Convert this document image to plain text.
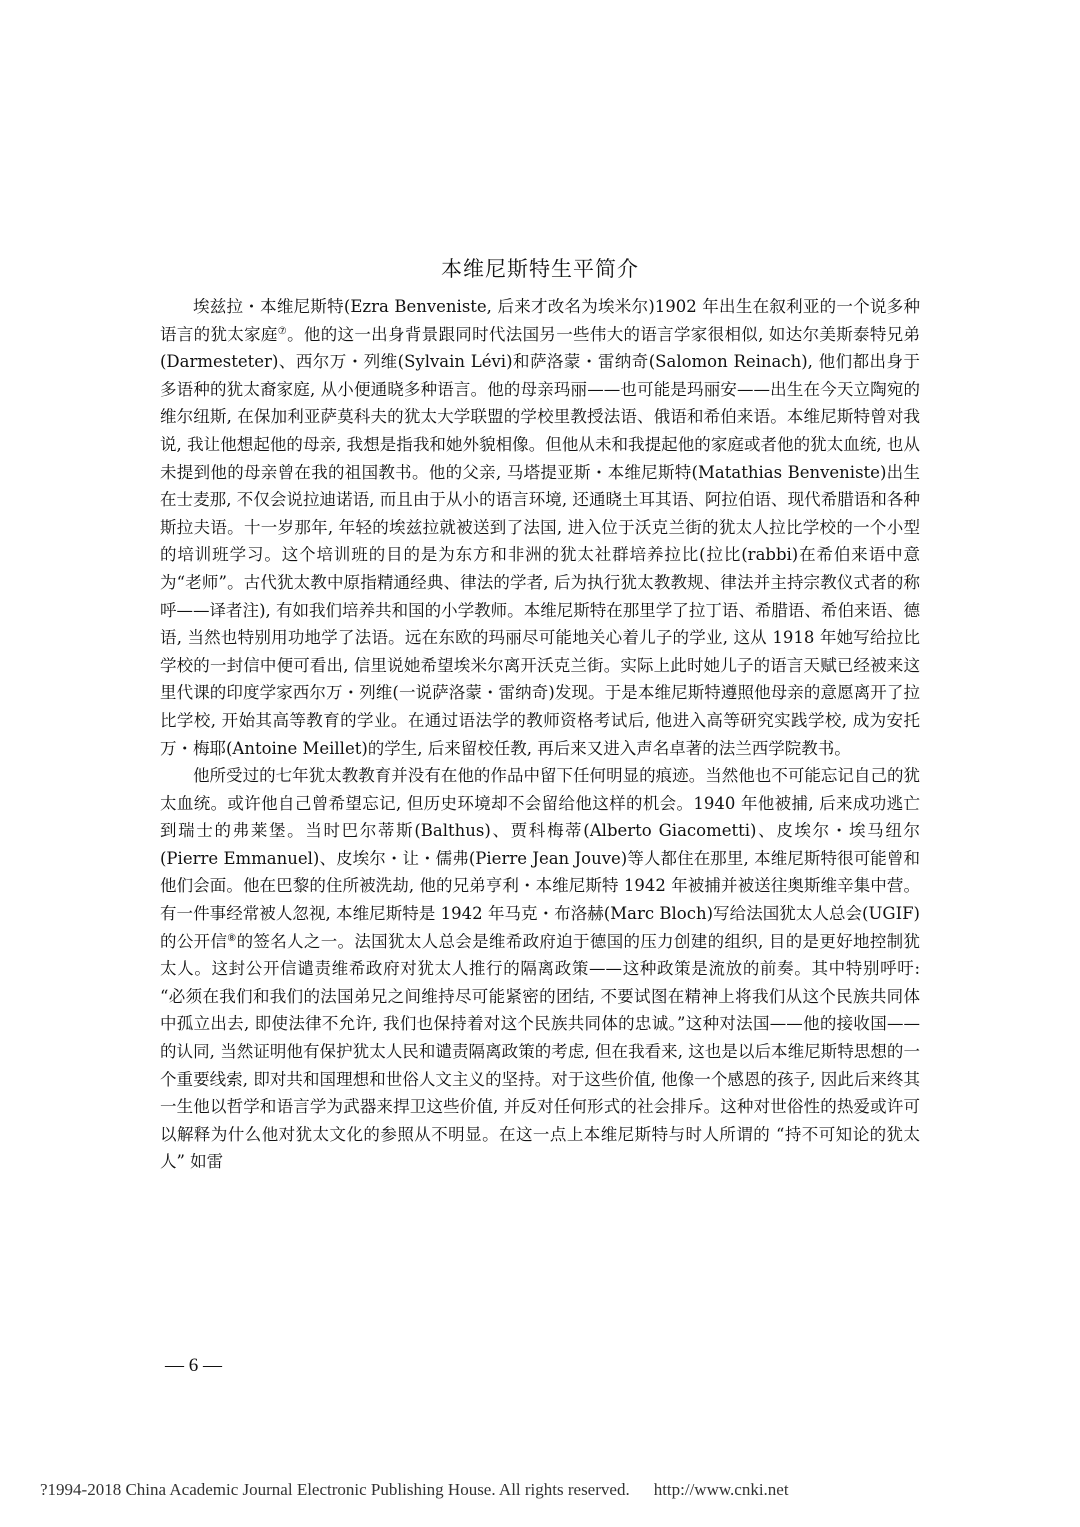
本维尼斯特生平简介

埃兹拉・本维尼斯特(Ezra Benveniste, 后来才改名为埃米尔)1902 年出生在叙利亚的一个说多种语言的犹太家庭⑦。他的这一出身背景跟同时代法国另一些伟大的语言学家很相似, 如达尔美斯泰特兄弟(Darmesteter)、西尔万・列维(Sylvain Lévi)和萨洛蒙・雷纳奇(Salomon Reinach), 他们都出身于多语种的犹太裔家庭, 从小便通晓多种语言。他的母亲玛丽——也可能是玛丽安——出生在今天立陶宛的维尔纽斯, 在保加利亚萨莫科夫的犹太大学联盟的学校里教授法语、俄语和希伯来语。本维尼斯特曾对我说, 我让他想起他的母亲, 我想是指我和她外貌相像。但他从未和我提起他的家庭或者他的犹太血统, 也从未提到他的母亲曾在我的祖国教书。他的父亲, 马塔提亚斯・本维尼斯特(Matathias Benveniste)出生在士麦那, 不仅会说拉迪诺语, 而且由于从小的语言环境, 还通晓土耳其语、阿拉伯语、现代希腊语和各种斯拉夫语。十一岁那年, 年轻的埃兹拉就被送到了法国, 进入位于沃克兰街的犹太人拉比学校的一个小型的培训班学习。这个培训班的目的是为东方和非洲的犹太社群培养拉比(拉比(rabbi)在希伯来语中意为“老师”。古代犹太教中原指精通经典、律法的学者, 后为执行犹太教教规、律法并主持宗教仪式者的称呼——译者注), 有如我们培养共和国的小学教师。本维尼斯特在那里学了拉丁语、希腊语、希伯来语、德语, 当然也特别用功地学了法语。远在东欧的玛丽尽可能地关心着儿子的学业, 这从 1918 年她写给拉比学校的一封信中便可看出, 信里说她希望埃米尔离开沃克兰街。实际上此时她儿子的语言天赋已经被来这里代课的印度学家西尔万・列维(一说萨洛蒙・雷纳奇)发现。于是本维尼斯特遵照他母亲的意愿离开了拉比学校, 开始其高等教育的学业。在通过语法学的教师资格考试后, 他进入高等研究实践学校, 成为安托万・梅耶(Antoine Meillet)的学生, 后来留校任教, 再后来又进入声名卓著的法兰西学院教书。

他所受过的七年犹太教教育并没有在他的作品中留下任何明显的痕迹。当然他也不可能忘记自己的犹太血统。或许他自己曾希望忘记, 但历史环境却不会留给他这样的机会。1940 年他被捕, 后来成功逃亡到瑞士的弗莱堡。当时巴尔蒂斯(Balthus)、贾科梅蒂(Alberto Giacometti)、皮埃尔・埃马纽尔(Pierre Emmanuel)、皮埃尔・让・儒弗(Pierre Jean Jouve)等人都住在那里, 本维尼斯特很可能曾和他们会面。他在巴黎的住所被洗劫, 他的兄弟亨利・本维尼斯特 1942 年被捕并被送往奥斯维辛集中营。有一件事经常被人忽视, 本维尼斯特是 1942 年马克・布洛赫(Marc Bloch)写给法国犹太人总会(UGIF)的公开信⑧的签名人之一。法国犹太人总会是维希政府迫于德国的压力创建的组织, 目的是更好地控制犹太人。这封公开信谴责维希政府对犹太人推行的隔离政策——这种政策是流放的前奏。其中特别呼吁: “必须在我们和我们的法国弟兄之间维持尽可能紧密的团结, 不要试图在精神上将我们从这个民族共同体中孤立出去, 即使法律不允许, 我们也保持着对这个民族共同体的忠诚。”这种对法国——他的接收国——的认同, 当然证明他有保护犹太人民和谴责隔离政策的考虑, 但在我看来, 这也是以后本维尼斯特思想的一个重要线索, 即对共和国理想和世俗人文主义的坚持。对于这些价值, 他像一个感恩的孩子, 因此后来终其一生他以哲学和语言学为武器来捍卫这些价值, 并反对任何形式的社会排斥。这种对世俗性的热爱或许可以解释为什么他对犹太文化的参照从不明显。在这一点上本维尼斯特与时人所谓的 “持不可知论的犹太人” 如雷

— 6 —
?1994-2018 China Academic Journal Electronic Publishing House. All rights reserved. http://www.cnki.net
